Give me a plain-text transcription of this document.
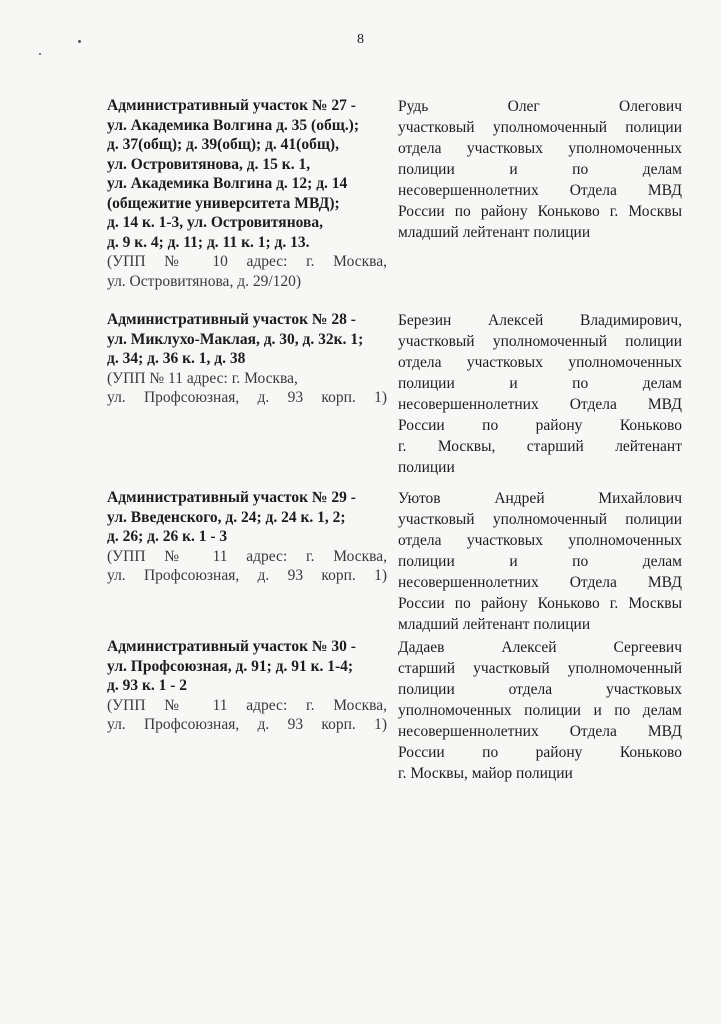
8
Административный участок № 27 -
ул. Академика Волгина д. 35 (общ.);
д. 37(общ); д. 39(общ); д. 41(общ),
ул. Островитянова, д. 15 к. 1,
ул. Академика Волгина д. 12; д. 14
(общежитие университета МВД);
д. 14 к. 1-3, ул. Островитянова,
д. 9 к. 4; д. 11; д. 11 к. 1; д. 13.
(УПП № 10 адрес: г. Москва,
ул. Островитянова, д. 29/120)
Рудь Олег Олегович
участковый уполномоченный полиции
отдела участковых уполномоченных
полиции и по делам
несовершеннолетних Отдела МВД
России по району Коньково г. Москвы
младший лейтенант полиции
Административный участок № 28 -
ул. Миклухо-Маклая, д. 30, д. 32к. 1;
д. 34; д. 36 к. 1, д. 38
(УПП № 11 адрес: г. Москва,
ул. Профсоюзная, д. 93 корп. 1)
Березин Алексей Владимирович,
участковый уполномоченный полиции
отдела участковых уполномоченных
полиции и по делам
несовершеннолетних Отдела МВД
России по району Коньково
г. Москвы, старший лейтенант
полиции
Административный участок № 29 -
ул. Введенского, д. 24; д. 24 к. 1, 2;
д. 26; д. 26 к. 1 - 3
(УПП № 11 адрес: г. Москва,
ул. Профсоюзная, д. 93 корп. 1)
Уютов Андрей Михайлович
участковый уполномоченный полиции
отдела участковых уполномоченных
полиции и по делам
несовершеннолетних Отдела МВД
России по району Коньково г. Москвы
младший лейтенант полиции
Административный участок № 30 -
ул. Профсоюзная, д. 91; д. 91 к. 1-4;
д. 93 к. 1 - 2
(УПП № 11 адрес: г. Москва,
ул. Профсоюзная, д. 93 корп. 1)
Дадаев Алексей Сергеевич
старший участковый уполномоченный
полиции отдела участковых
уполномоченных полиции и по делам
несовершеннолетних Отдела МВД
России по району Коньково
г. Москвы, майор полиции
